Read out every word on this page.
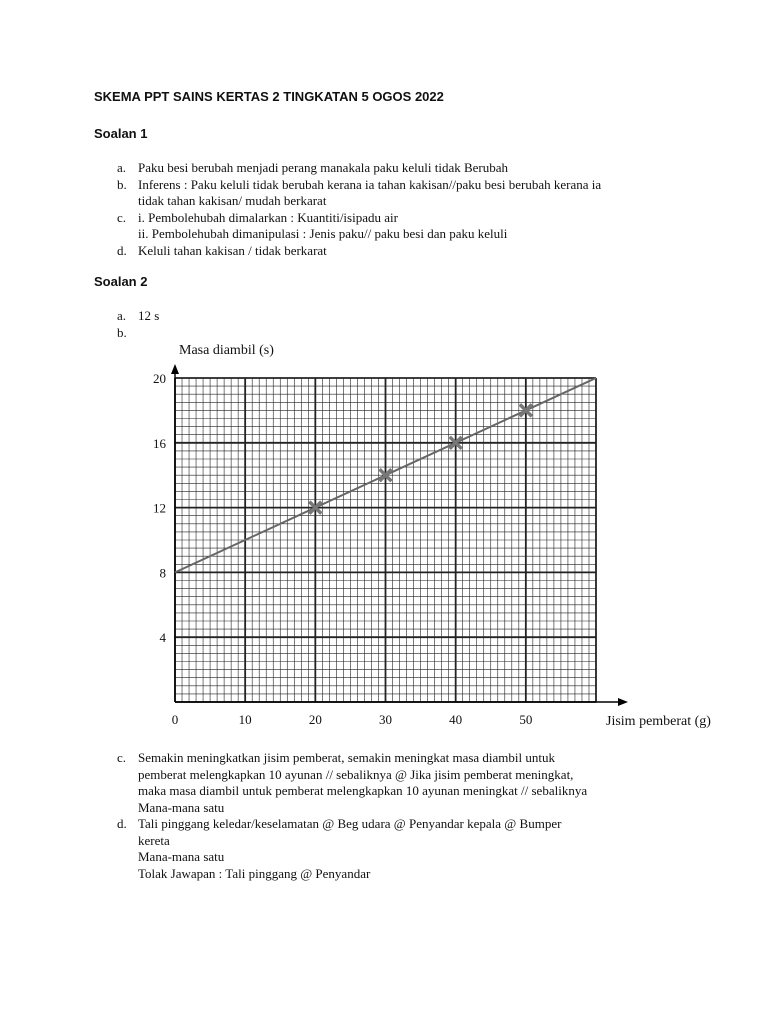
SKEMA PPT SAINS KERTAS 2 TINGKATAN 5 OGOS 2022
Soalan 1
a. Paku besi berubah menjadi perang manakala paku keluli tidak Berubah
b. Inferens : Paku keluli tidak berubah kerana ia tahan kakisan//paku besi berubah kerana ia
tidak tahan kakisan/ mudah berkarat
c. i. Pembolehubah dimalarkan : Kuantiti/isipadu air
ii. Pembolehubah dimanipulasi : Jenis paku// paku besi dan paku keluli
d. Keluli tahan kakisan / tidak berkarat
Soalan 2
a. 12 s
b.
Masa diambil (s)
Jisim pemberat (g)
0	10	20	30	40	50
4
8
12
16
20
c. Semakin meningkatkan jisim pemberat, semakin meningkat masa diambil untuk
pemberat melengkapkan 10 ayunan // sebaliknya @ Jika jisim pemberat meningkat,
maka masa diambil untuk pemberat melengkapkan 10 ayunan meningkat // sebaliknya
Mana-mana satu
d. Tali pinggang keledar/keselamatan @ Beg udara @ Penyandar kepala @ Bumper
kereta
Mana-mana satu
Tolak Jawapan : Tali pinggang @ Penyandar
